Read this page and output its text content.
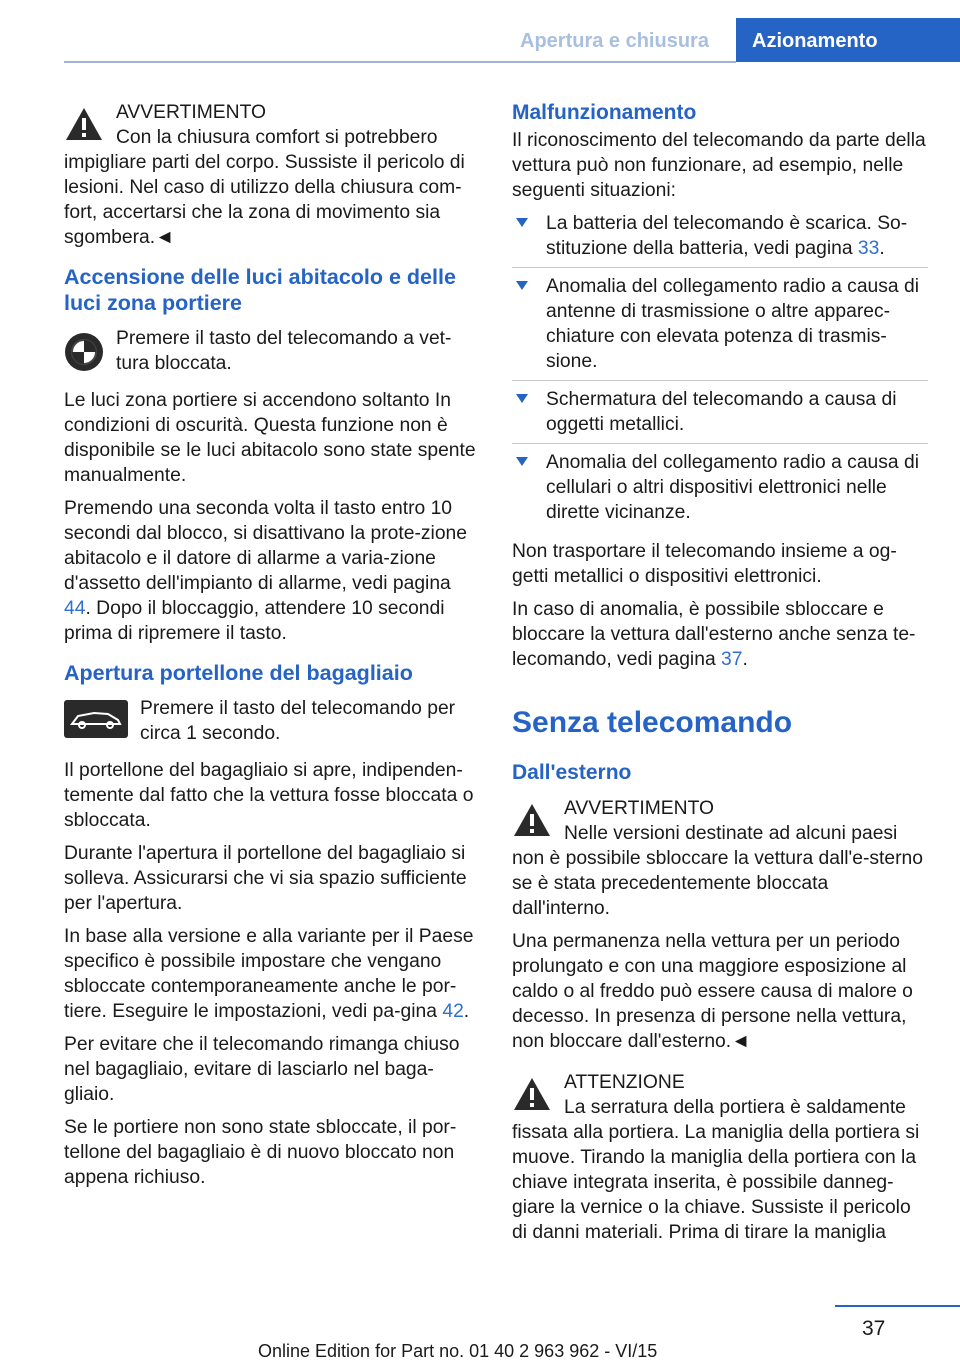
Apertura e chiusura Azionamento

AVVERTIMENTO

Con la chiusura comfort si potrebbero

impigliare parti del corpo. Sussiste il pericolo di lesioni. Nel caso di utilizzo della chiusura com-fort, accertarsi che la zona di movimento sia sgombera.◄

Accensione delle luci abitacolo e delle luci zona portiere

Premere il tasto del telecomando a vet-tura bloccata.

Le luci zona portiere si accendono soltanto In condizioni di oscurità. Questa funzione non è disponibile se le luci abitacolo sono state spente manualmente.

Premendo una seconda volta il tasto entro 10 secondi dal blocco, si disattivano la prote-zione abitacolo e il datore di allarme a varia-zione d'assetto dell'impianto di allarme, vedi pagina 44. Dopo il bloccaggio, attendere 10 secondi prima di ripremere il tasto.

Apertura portellone del bagagliaio

Premere il tasto del telecomando per circa 1 secondo.

Il portellone del bagagliaio si apre, indipenden-temente dal fatto che la vettura fosse bloccata o sbloccata.

Durante l'apertura il portellone del bagagliaio si solleva. Assicurarsi che vi sia spazio sufficiente per l'apertura.

In base alla versione e alla variante per il Paese specifico è possibile impostare che vengano sbloccate contemporaneamente anche le por-tiere. Eseguire le impostazioni, vedi pa-gina 42.

Per evitare che il telecomando rimanga chiuso nel bagagliaio, evitare di lasciarlo nel baga-gliaio.

Se le portiere non sono state sbloccate, il por-tellone del bagagliaio è di nuovo bloccato non appena richiuso.

Malfunzionamento

Il riconoscimento del telecomando da parte della vettura può non funzionare, ad esempio, nelle seguenti situazioni:

La batteria del telecomando è scarica. So-stituzione della batteria, vedi pagina 33.
Anomalia del collegamento radio a causa di antenne di trasmissione o altre apparec-chiature con elevata potenza di trasmis-sione.
Schermatura del telecomando a causa di oggetti metallici.
Anomalia del collegamento radio a causa di cellulari o altri dispositivi elettronici nelle dirette vicinanze.

Non trasportare il telecomando insieme a og-getti metallici o dispositivi elettronici.

In caso di anomalia, è possibile sbloccare e bloccare la vettura dall'esterno anche senza te-lecomando, vedi pagina 37.

Senza telecomando
Dall'esterno

AVVERTIMENTO

Nelle versioni destinate ad alcuni paesi

non è possibile sbloccare la vettura dall'e-sterno se è stata precedentemente bloccata dall'interno.

Una permanenza nella vettura per un periodo prolungato e con una maggiore esposizione al caldo o al freddo può essere causa di malore o decesso. In presenza di persone nella vettura, non bloccare dall'esterno.◄

ATTENZIONE

La serratura della portiera è saldamente

fissata alla portiera. La maniglia della portiera si muove. Tirando la maniglia della portiera con la chiave integrata inserita, è possibile danneg-giare la vernice o la chiave. Sussiste il pericolo di danni materiali. Prima di tirare la maniglia

37
Online Edition for Part no. 01 40 2 963 962 - VI/15
